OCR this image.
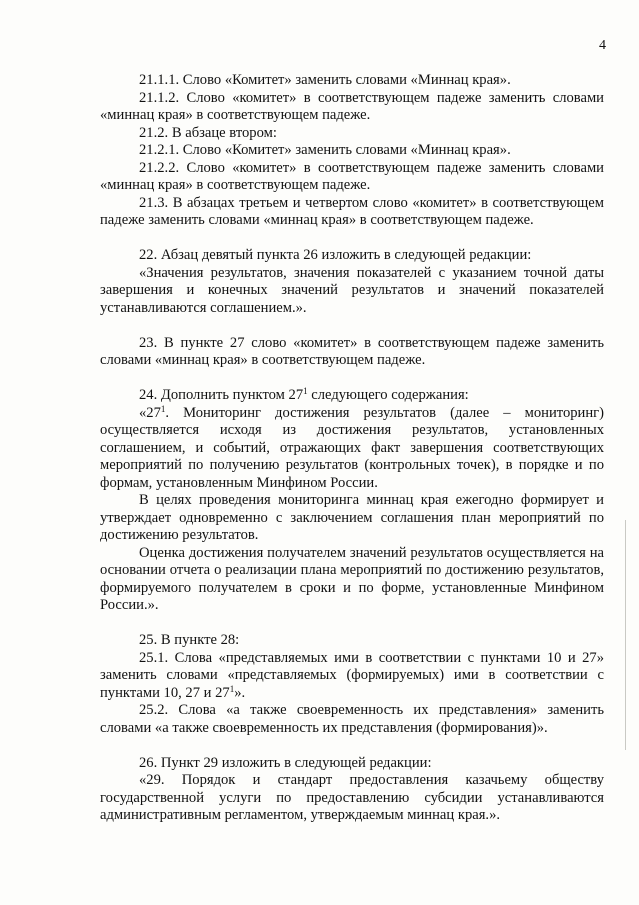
4

21.1.1. Слово «Комитет» заменить словами «Миннац края».

21.1.2. Слово «комитет» в соответствующем падеже заменить словами «миннац края» в соответствующем падеже.

21.2. В абзаце втором:

21.2.1. Слово «Комитет» заменить словами «Миннац края».

21.2.2. Слово «комитет» в соответствующем падеже заменить словами «миннац края» в соответствующем падеже.

21.3. В абзацах третьем и четвертом слово «комитет» в соответствующем падеже заменить словами «миннац края» в соответствующем падеже.

22. Абзац девятый пункта 26 изложить в следующей редакции:

«Значения результатов, значения показателей с указанием точной даты завершения и конечных значений результатов и значений показателей устанавливаются соглашением.».

23. В пункте 27 слово «комитет» в соответствующем падеже заменить словами «миннац края» в соответствующем падеже.

24. Дополнить пунктом $27^1$ следующего содержания:

«$27^1$. Мониторинг достижения результатов (далее – мониторинг) осуществляется исходя из достижения результатов, установленных соглашением, и событий, отражающих факт завершения соответствующих мероприятий по получению результатов (контрольных точек), в порядке и по формам, установленным Минфином России.

В целях проведения мониторинга миннац края ежегодно формирует и утверждает одновременно с заключением соглашения план мероприятий по достижению результатов.

Оценка достижения получателем значений результатов осуществляется на основании отчета о реализации плана мероприятий по достижению результатов, формируемого получателем в сроки и по форме, установленные Минфином России.».

25. В пункте 28:

25.1. Слова «представляемых ими в соответствии с пунктами 10 и 27» заменить словами «представляемых (формируемых) ими в соответствии с пунктами 10, 27 и $27^1$».

25.2. Слова «а также своевременность их представления» заменить словами «а также своевременность их представления (формирования)».

26. Пункт 29 изложить в следующей редакции:

«29. Порядок и стандарт предоставления казачьему обществу государственной услуги по предоставлению субсидии устанавливаются административным регламентом, утверждаемым миннац края.».
